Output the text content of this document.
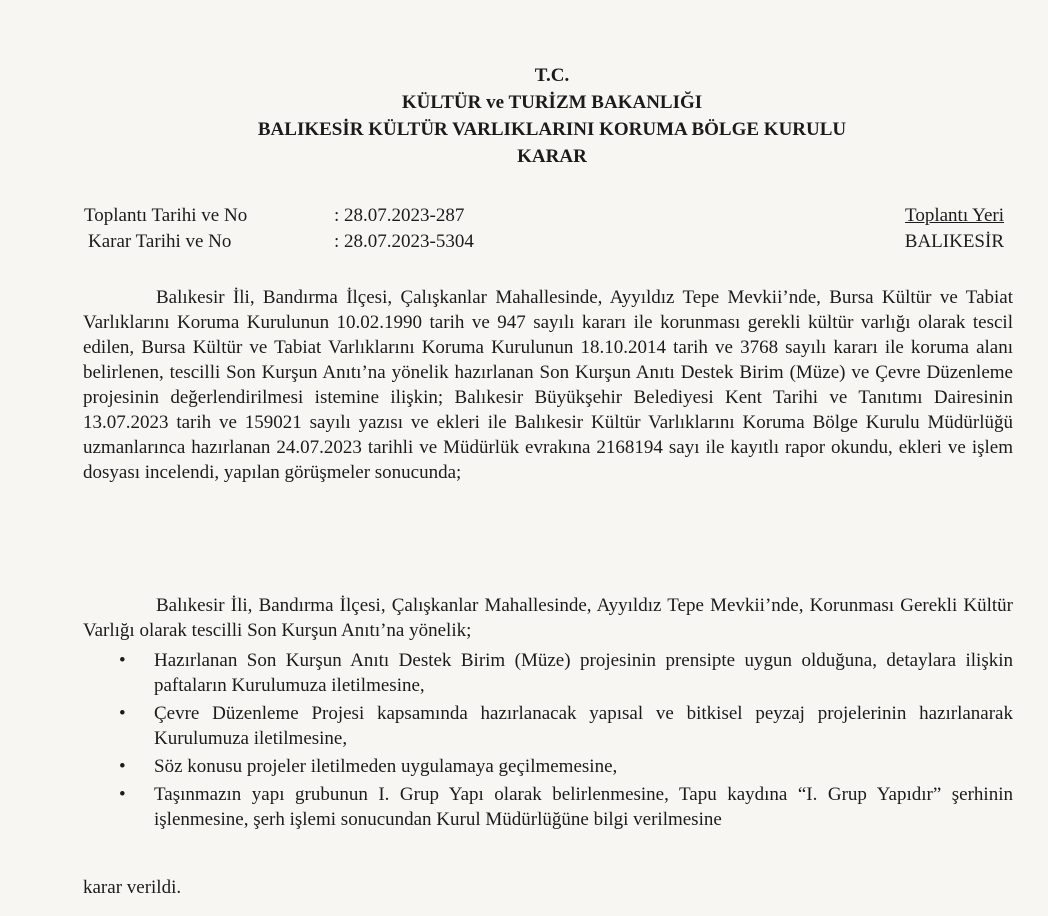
T.C.
KÜLTÜR ve TURİZM BAKANLIĞI
BALIKESİR KÜLTÜR VARLIKLARINI KORUMA BÖLGE KURULU
KARAR
Toplantı Tarihi ve No	: 28.07.2023-287
Karar Tarihi ve No	: 28.07.2023-5304
Toplantı Yeri
BALIKESİR

Balıkesir İli, Bandırma İlçesi, Çalışkanlar Mahallesinde, Ayyıldız Tepe Mevkii’nde, Bursa Kültür ve Tabiat Varlıklarını Koruma Kurulunun 10.02.1990 tarih ve 947 sayılı kararı ile korunması gerekli kültür varlığı olarak tescil edilen, Bursa Kültür ve Tabiat Varlıklarını Koruma Kurulunun 18.10.2014 tarih ve 3768 sayılı kararı ile koruma alanı belirlenen, tescilli Son Kurşun Anıtı’na yönelik hazırlanan Son Kurşun Anıtı Destek Birim (Müze) ve Çevre Düzenleme projesinin değerlendirilmesi istemine ilişkin; Balıkesir Büyükşehir Belediyesi Kent Tarihi ve Tanıtımı Dairesinin 13.07.2023 tarih ve 159021 sayılı yazısı ve ekleri ile Balıkesir Kültür Varlıklarını Koruma Bölge Kurulu Müdürlüğü uzmanlarınca hazırlanan 24.07.2023 tarihli ve Müdürlük evrakına 2168194 sayı ile kayıtlı rapor okundu, ekleri ve işlem dosyası incelendi, yapılan görüşmeler sonucunda;

Balıkesir İli, Bandırma İlçesi, Çalışkanlar Mahallesinde, Ayyıldız Tepe Mevkii’nde, Korunması Gerekli Kültür Varlığı olarak tescilli Son Kurşun Anıtı’na yönelik;

• Hazırlanan Son Kurşun Anıtı Destek Birim (Müze) projesinin prensipte uygun olduğuna, detaylara ilişkin paftaların Kurulumuza iletilmesine,
• Çevre Düzenleme Projesi kapsamında hazırlanacak yapısal ve bitkisel peyzaj projelerinin hazırlanarak Kurulumuza iletilmesine,
• Söz konusu projeler iletilmeden uygulamaya geçilmemesine,
• Taşınmazın yapı grubunun I. Grup Yapı olarak belirlenmesine, Tapu kaydına “I. Grup Yapıdır” şerhinin işlenmesine, şerh işlemi sonucundan Kurul Müdürlüğüne bilgi verilmesine
karar verildi.
